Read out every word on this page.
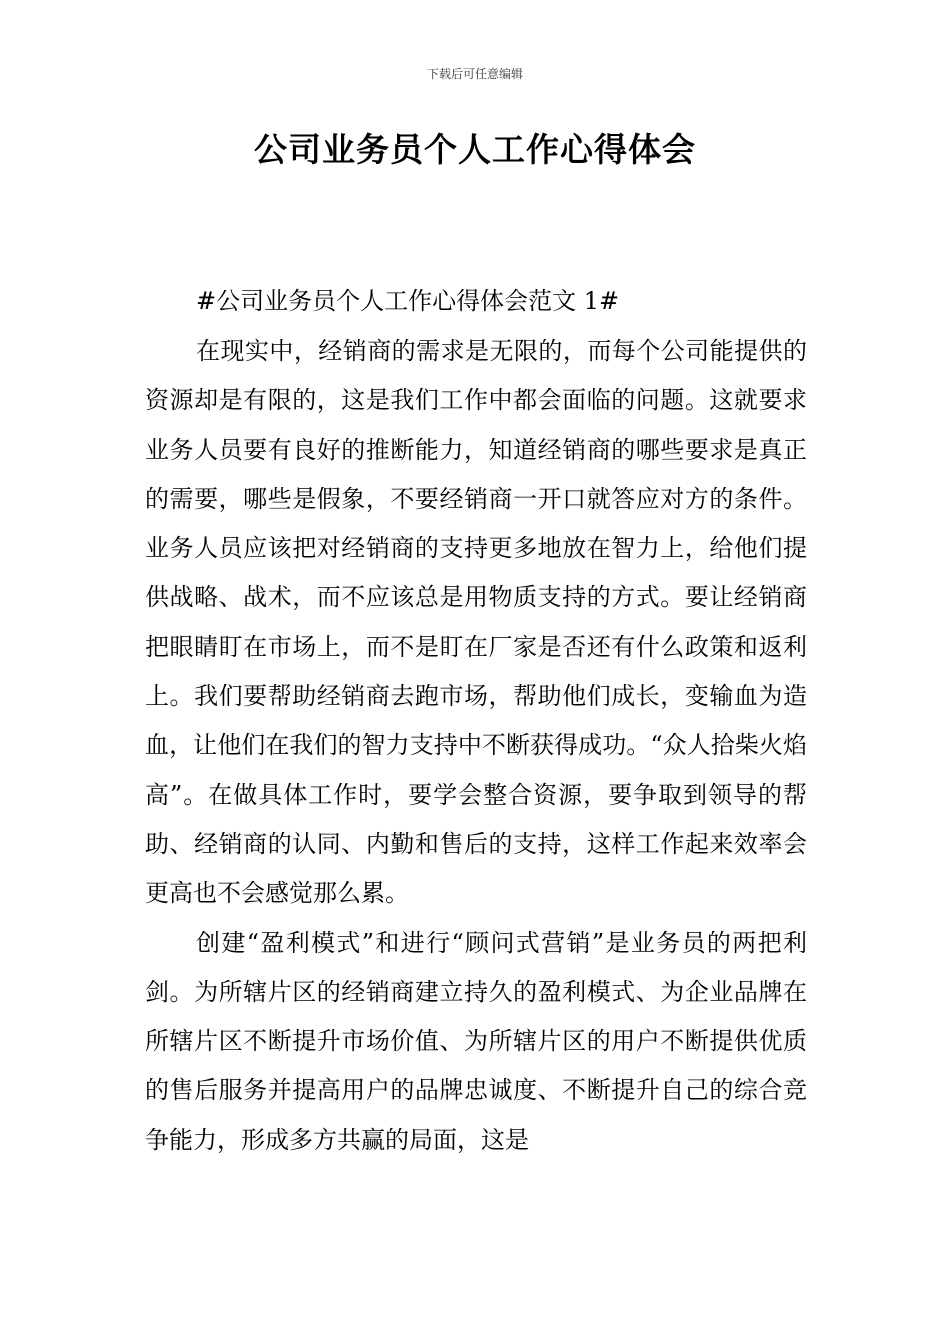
下载后可任意编辑
公司业务员个人工作心得体会
#公司业务员个人工作心得体会范文 1#

在现实中，经销商的需求是无限的，而每个公司能提供的资源却是有限的，这是我们工作中都会面临的问题。这就要求业务人员要有良好的推断能力，知道经销商的哪些要求是真正的需要，哪些是假象，不要经销商一开口就答应对方的条件。业务人员应该把对经销商的支持更多地放在智力上，给他们提供战略、战术，而不应该总是用物质支持的方式。要让经销商把眼睛盯在市场上，而不是盯在厂家是否还有什么政策和返利上。我们要帮助经销商去跑市场，帮助他们成长，变输血为造血，让他们在我们的智力支持中不断获得成功。“众人拾柴火焰高”。在做具体工作时，要学会整合资源，要争取到领导的帮助、经销商的认同、内勤和售后的支持，这样工作起来效率会更高也不会感觉那么累。

创建“盈利模式”和进行“顾问式营销”是业务员的两把利剑。为所辖片区的经销商建立持久的盈利模式、为企业品牌在所辖片区不断提升市场价值、为所辖片区的用户不断提供优质的售后服务并提高用户的品牌忠诚度、不断提升自己的综合竞争能力，形成多方共赢的局面，这是
